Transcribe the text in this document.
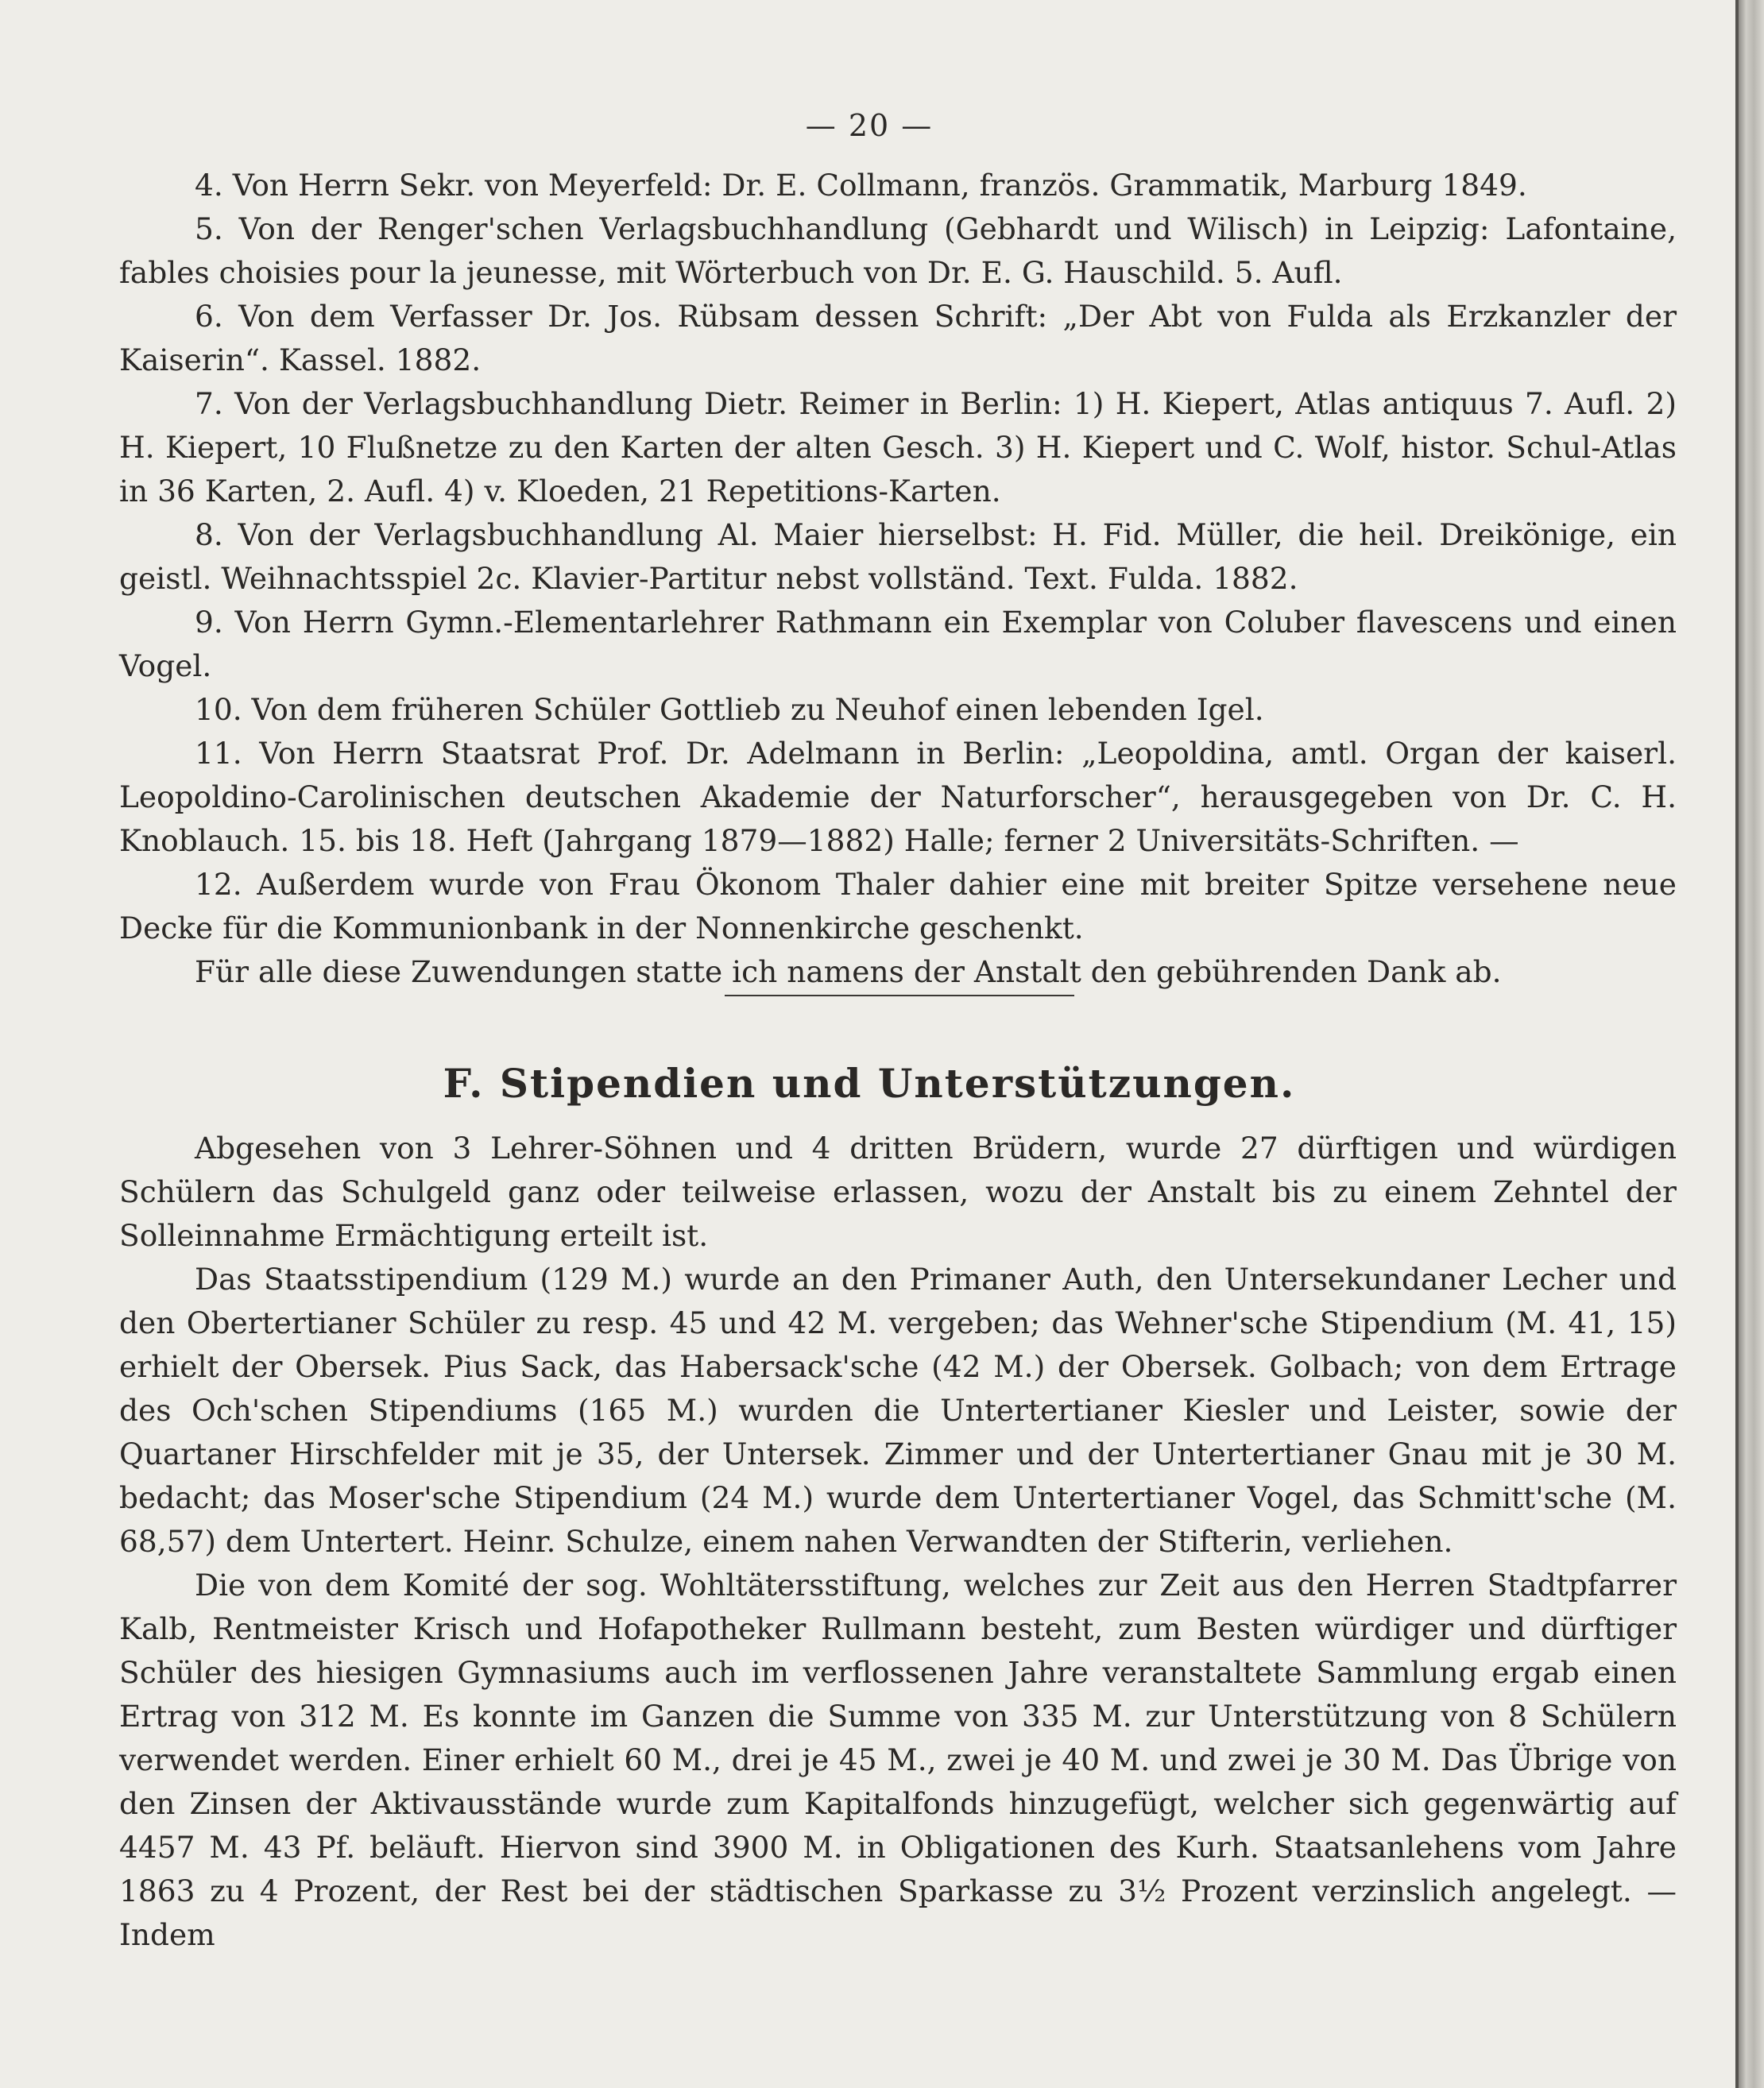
— 20 —

4. Von Herrn Sekr. von Meyerfeld: Dr. E. Collmann, französ. Grammatik, Marburg 1849.

5. Von der Renger'schen Verlagsbuchhandlung (Gebhardt und Wilisch) in Leipzig: Lafontaine, fables choisies pour la jeunesse, mit Wörterbuch von Dr. E. G. Hauschild. 5. Aufl.

6. Von dem Verfasser Dr. Jos. Rübsam dessen Schrift: „Der Abt von Fulda als Erzkanzler der Kaiserin“. Kassel. 1882.

7. Von der Verlagsbuchhandlung Dietr. Reimer in Berlin: 1) H. Kiepert, Atlas antiquus 7. Aufl. 2) H. Kiepert, 10 Flußnetze zu den Karten der alten Gesch. 3) H. Kiepert und C. Wolf, histor. Schul-Atlas in 36 Karten, 2. Aufl. 4) v. Kloeden, 21 Repetitions-Karten.

8. Von der Verlagsbuchhandlung Al. Maier hierselbst: H. Fid. Müller, die heil. Dreikönige, ein geistl. Weihnachtsspiel 2c. Klavier-Partitur nebst vollständ. Text. Fulda. 1882.

9. Von Herrn Gymn.-Elementarlehrer Rathmann ein Exemplar von Coluber flavescens und einen Vogel.

10. Von dem früheren Schüler Gottlieb zu Neuhof einen lebenden Igel.

11. Von Herrn Staatsrat Prof. Dr. Adelmann in Berlin: „Leopoldina, amtl. Organ der kaiserl. Leopoldino-Carolinischen deutschen Akademie der Naturforscher“, herausgegeben von Dr. C. H. Knoblauch. 15. bis 18. Heft (Jahrgang 1879—1882) Halle; ferner 2 Universitäts-Schriften. —

12. Außerdem wurde von Frau Ökonom Thaler dahier eine mit breiter Spitze versehene neue Decke für die Kommunionbank in der Nonnenkirche geschenkt.

Für alle diese Zuwendungen statte ich namens der Anstalt den gebührenden Dank ab.

F. Stipendien und Unterstützungen.

Abgesehen von 3 Lehrer-Söhnen und 4 dritten Brüdern, wurde 27 dürftigen und würdigen Schülern das Schulgeld ganz oder teilweise erlassen, wozu der Anstalt bis zu einem Zehntel der Solleinnahme Ermächtigung erteilt ist.

Das Staatsstipendium (129 M.) wurde an den Primaner Auth, den Untersekundaner Lecher und den Obertertianer Schüler zu resp. 45 und 42 M. vergeben; das Wehner'sche Stipendium (M. 41, 15) erhielt der Obersek. Pius Sack, das Habersack'sche (42 M.) der Obersek. Golbach; von dem Ertrage des Och'schen Stipendiums (165 M.) wurden die Untertertianer Kiesler und Leister, sowie der Quartaner Hirschfelder mit je 35, der Untersek. Zimmer und der Untertertianer Gnau mit je 30 M. bedacht; das Moser'sche Stipendium (24 M.) wurde dem Untertertianer Vogel, das Schmitt'sche (M. 68,57) dem Untertert. Heinr. Schulze, einem nahen Verwandten der Stifterin, verliehen.

Die von dem Komité der sog. Wohltätersstiftung, welches zur Zeit aus den Herren Stadtpfarrer Kalb, Rentmeister Krisch und Hofapotheker Rullmann besteht, zum Besten würdiger und dürftiger Schüler des hiesigen Gymnasiums auch im verflossenen Jahre veranstaltete Sammlung ergab einen Ertrag von 312 M. Es konnte im Ganzen die Summe von 335 M. zur Unterstützung von 8 Schülern verwendet werden. Einer erhielt 60 M., drei je 45 M., zwei je 40 M. und zwei je 30 M. Das Übrige von den Zinsen der Aktivausstände wurde zum Kapitalfonds hinzugefügt, welcher sich gegenwärtig auf 4457 M. 43 Pf. beläuft. Hiervon sind 3900 M. in Obligationen des Kurh. Staatsanlehens vom Jahre 1863 zu 4 Prozent, der Rest bei der städtischen Sparkasse zu 3½ Prozent verzinslich angelegt. — Indem
